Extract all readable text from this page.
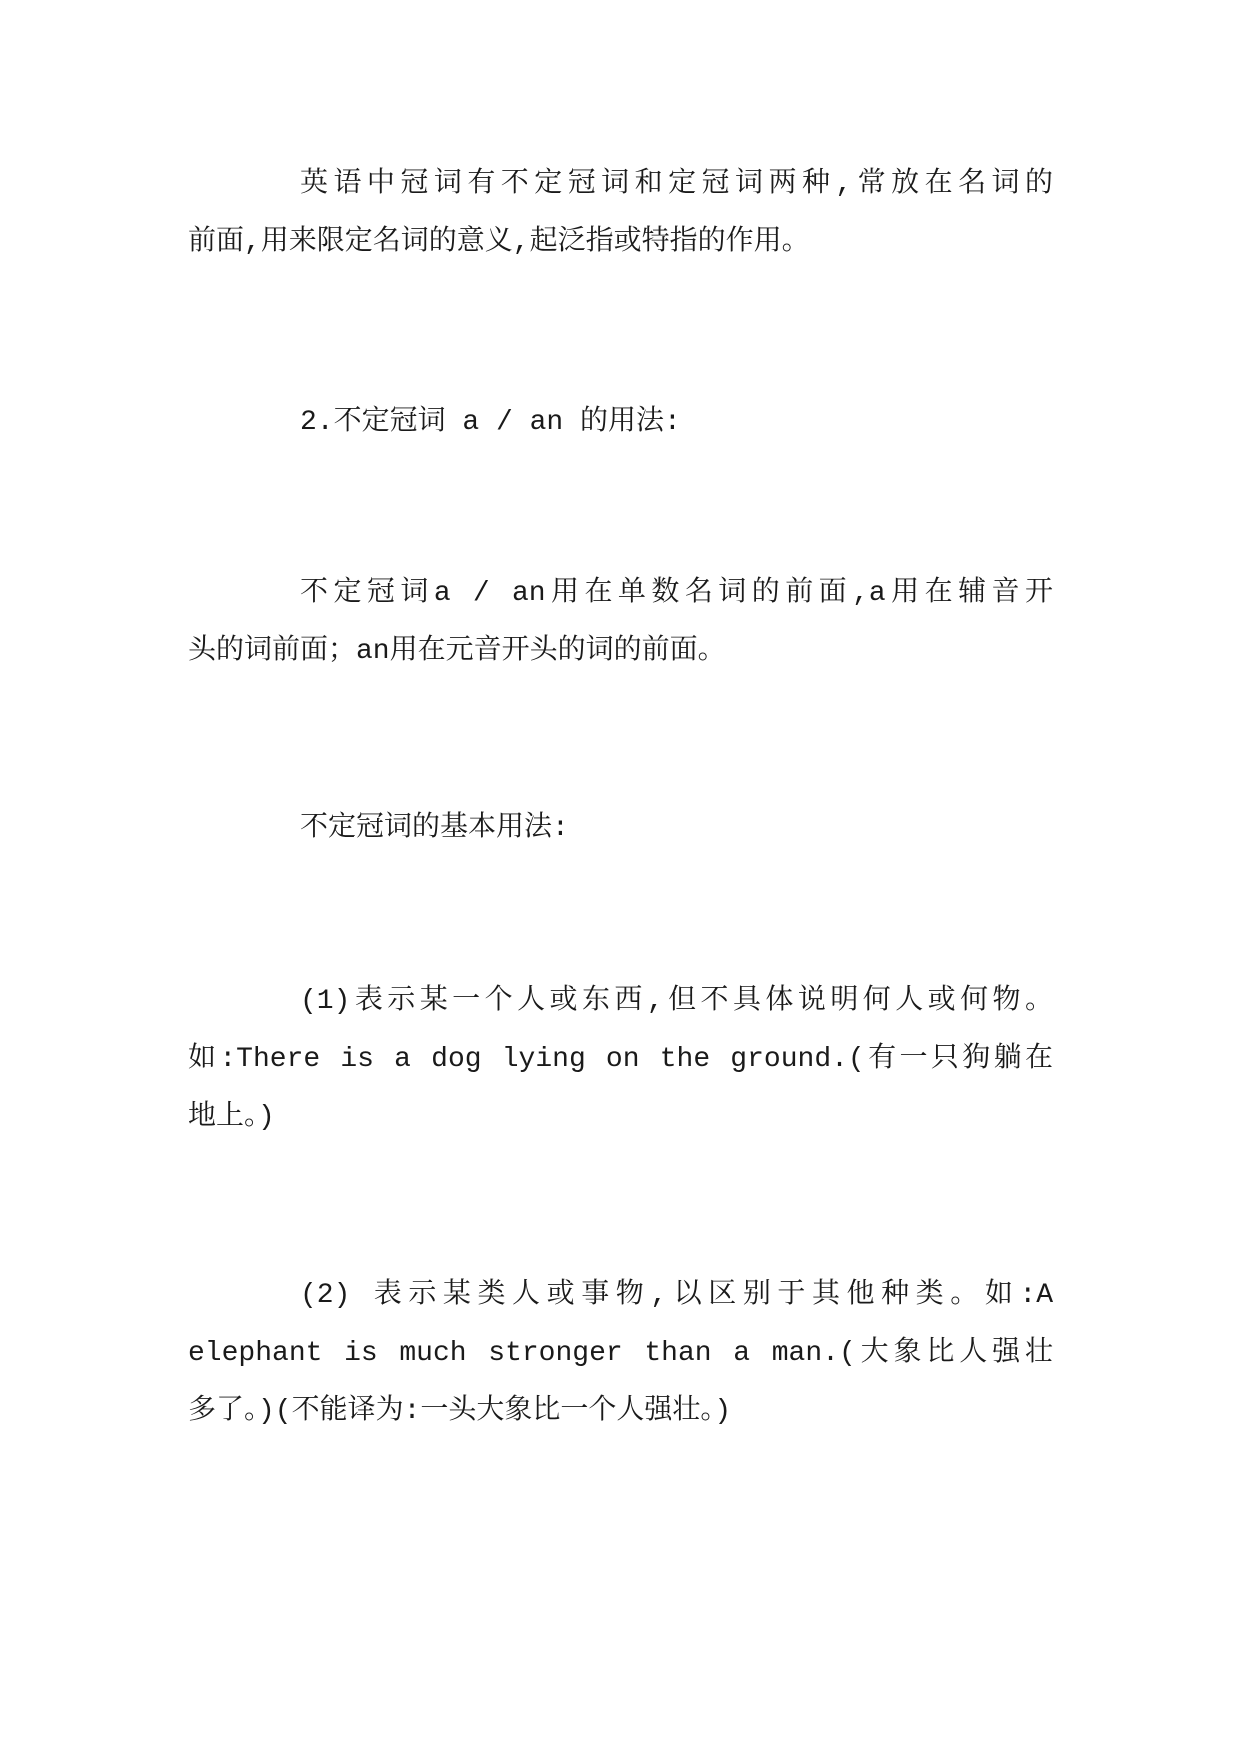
英语中冠词有不定冠词和定冠词两种,常放在名词的
前面,用来限定名词的意义,起泛指或特指的作用。
2.不定冠词 a / an 的用法:
不定冠词a / an用在单数名词的前面,a用在辅音开
头的词前面；an用在元音开头的词的前面。
不定冠词的基本用法:
(1)表示某一个人或东西,但不具体说明何人或何物。
如:There is a dog lying on the ground.(有一只狗躺在
地上。)
(2) 表示某类人或事物,以区别于其他种类。如:A
elephant is much stronger than a man.(大象比人强壮
多了。)(不能译为:一头大象比一个人强壮。)
